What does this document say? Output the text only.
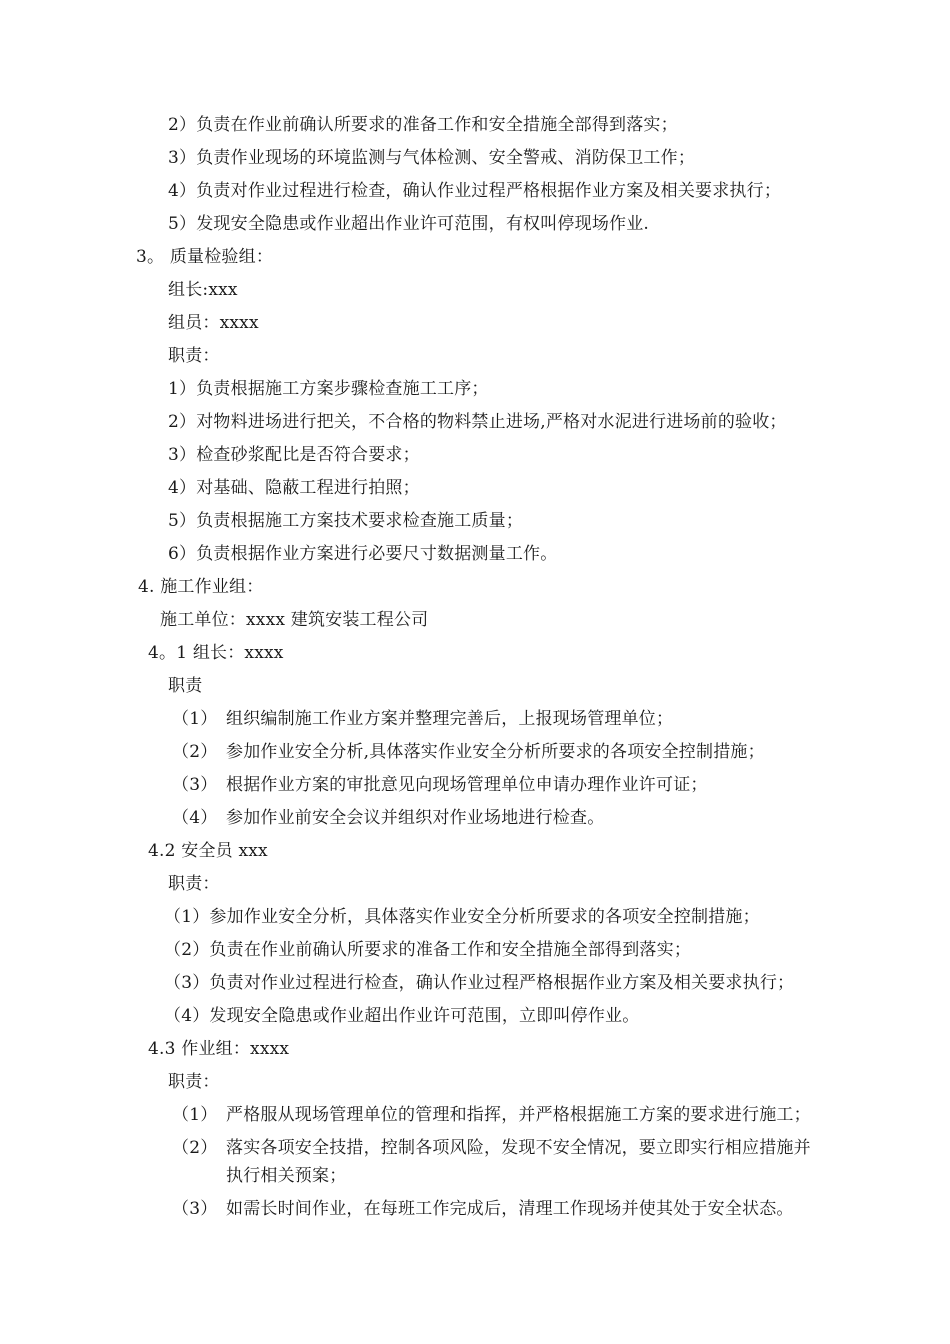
2）负责在作业前确认所要求的准备工作和安全措施全部得到落实；
3）负责作业现场的环境监测与气体检测、安全警戒、消防保卫工作；
4）负责对作业过程进行检查，确认作业过程严格根据作业方案及相关要求执行；
5）发现安全隐患或作业超出作业许可范围，有权叫停现场作业.
3。 质量检验组：
组长:xxx
组员：xxxx
职责：
1）负责根据施工方案步骤检查施工工序；
2）对物料进场进行把关，不合格的物料禁止进场,严格对水泥进行进场前的验收；
3）检查砂浆配比是否符合要求；
4）对基础、隐蔽工程进行拍照；
5）负责根据施工方案技术要求检查施工质量；
6）负责根据作业方案进行必要尺寸数据测量工作。
4. 施工作业组：
施工单位：xxxx 建筑安装工程公司
4。1 组长：xxxx
职责
（1） 组织编制施工作业方案并整理完善后，上报现场管理单位；
（2） 参加作业安全分析,具体落实作业安全分析所要求的各项安全控制措施；
（3） 根据作业方案的审批意见向现场管理单位申请办理作业许可证；
（4） 参加作业前安全会议并组织对作业场地进行检查。
4.2 安全员 xxx
职责：
（1）参加作业安全分析，具体落实作业安全分析所要求的各项安全控制措施；
（2）负责在作业前确认所要求的准备工作和安全措施全部得到落实；
（3）负责对作业过程进行检查，确认作业过程严格根据作业方案及相关要求执行；
（4）发现安全隐患或作业超出作业许可范围，立即叫停作业。
4.3 作业组：xxxx
职责：
（1） 严格服从现场管理单位的管理和指挥，并严格根据施工方案的要求进行施工；
（2） 落实各项安全技措，控制各项风险，发现不安全情况，要立即实行相应措施并
执行相关预案；
（3） 如需长时间作业，在每班工作完成后，清理工作现场并使其处于安全状态。
